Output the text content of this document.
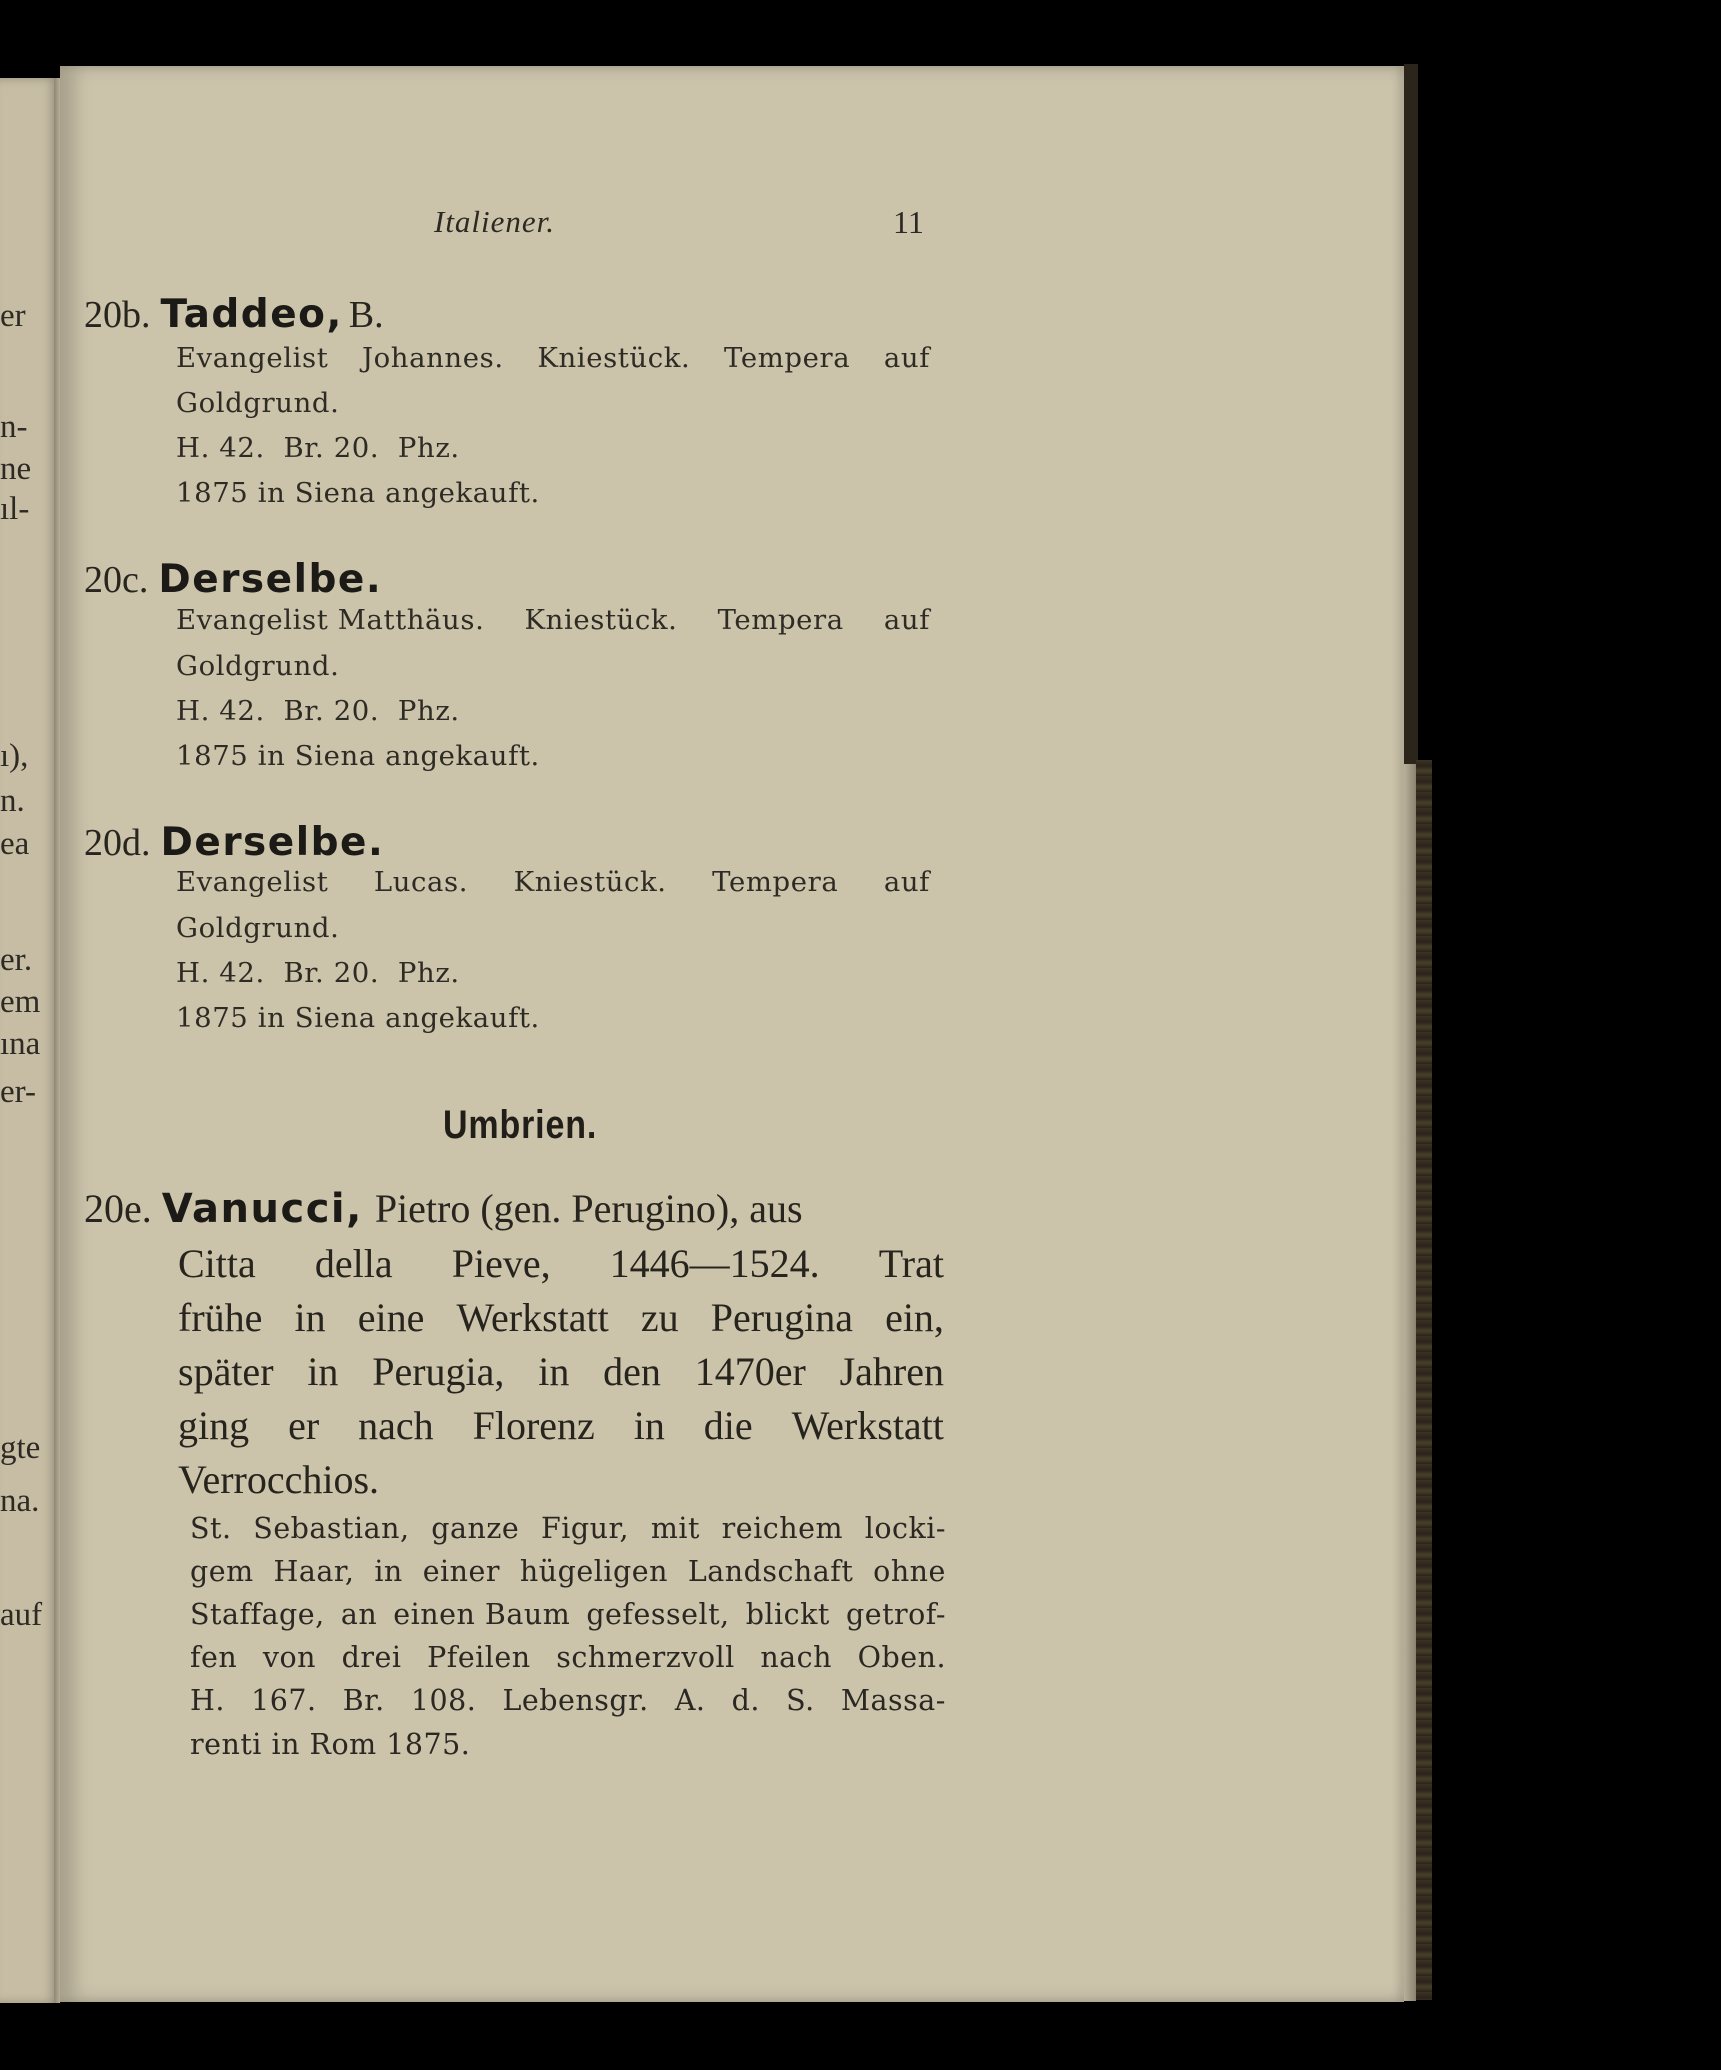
er
n-
ne
ıl-
ı),
n.
ea
er.
em
ına
er-
gte
na.
auf
Italiener.	11
20b. Taddeo, B.
Evangelist Johannes. Kniestück. Tempera auf
Goldgrund.
H. 42.  Br. 20.  Phz.
1875 in Siena angekauft.
20c. Derselbe.
Evangelist Matthäus. Kniestück. Tempera auf
Goldgrund.
H. 42.  Br. 20.  Phz.
1875 in Siena angekauft.
20d. Derselbe.
Evangelist Lucas. Kniestück. Tempera auf
Goldgrund.
H. 42.  Br. 20.  Phz.
1875 in Siena angekauft.
Umbrien.
20e. Vanucci, Pietro (gen. Perugino), aus
Citta della Pieve, 1446—1524. Trat
frühe in eine Werkstatt zu Perugina ein,
später in Perugia, in den 1470er Jahren
ging er nach Florenz in die Werkstatt
Verrocchios.
St. Sebastian, ganze Figur, mit reichem locki-
gem Haar, in einer hügeligen Landschaft ohne
Staffage, an einen Baum gefesselt, blickt getrof-
fen von drei Pfeilen schmerzvoll nach Oben.
H. 167. Br. 108. Lebensgr. A. d. S. Massa-
renti in Rom 1875.
